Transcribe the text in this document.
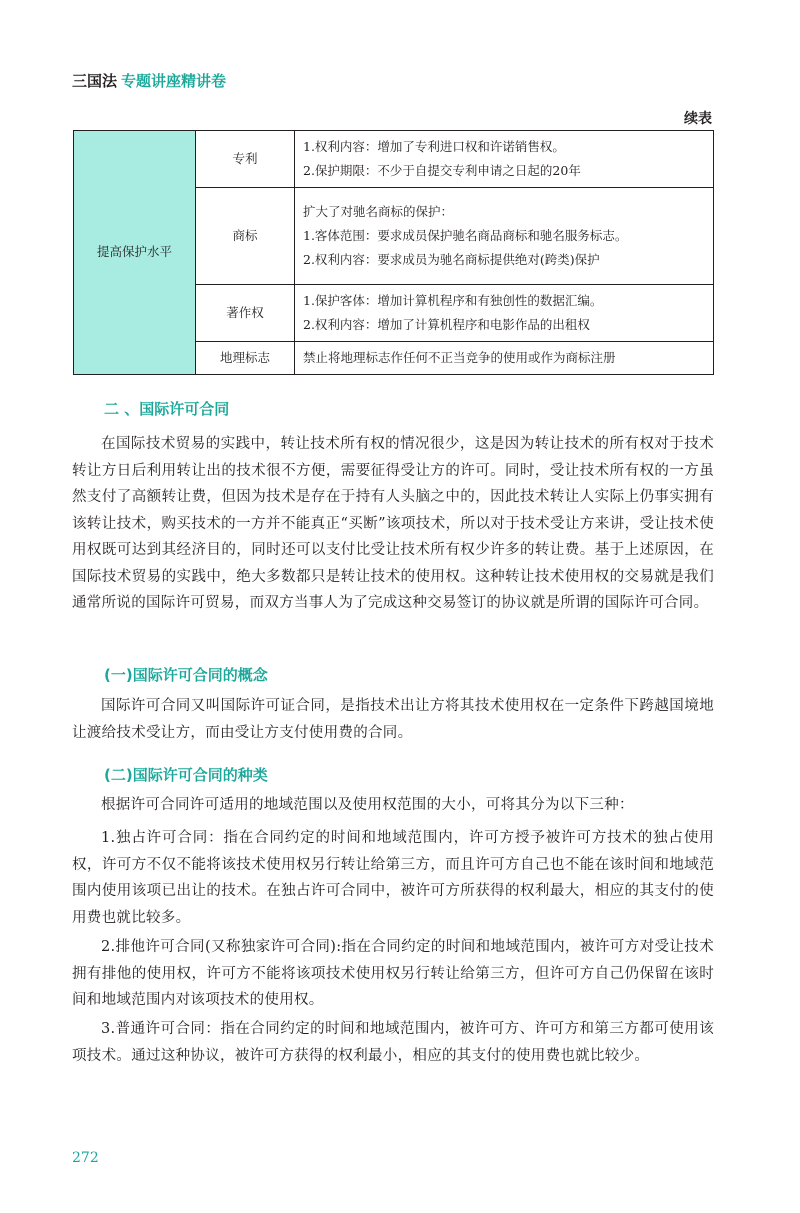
三国法 专题讲座精讲卷
续表
提高保护水平	专利	1.权利内容：增加了专利进口权和许诺销售权。
2.保护期限：不少于自提交专利申请之日起的20年

	商标	扩大了对驰名商标的保护：
1.客体范围：要求成员保护驰名商品商标和驰名服务标志。
2.权利内容：要求成员为驰名商标提供绝对(跨类)保护

	著作权	1.保护客体：增加计算机程序和有独创性的数据汇编。
2.权利内容：增加了计算机程序和电影作品的出租权

	地理标志	禁止将地理标志作任何不正当竞争的使用或作为商标注册
二 、国际许可合同
在国际技术贸易的实践中，转让技术所有权的情况很少，这是因为转让技术的所有权对于技术转让方日后利用转让出的技术很不方便，需要征得受让方的许可。同时，受让技术所有权的一方虽然支付了高额转让费，但因为技术是存在于持有人头脑之中的，因此技术转让人实际上仍事实拥有该转让技术，购买技术的一方并不能真正“买断”该项技术，所以对于技术受让方来讲，受让技术使用权既可达到其经济目的，同时还可以支付比受让技术所有权少许多的转让费。基于上述原因，在国际技术贸易的实践中，绝大多数都只是转让技术的使用权。这种转让技术使用权的交易就是我们通常所说的国际许可贸易，而双方当事人为了完成这种交易签订的协议就是所谓的国际许可合同。
(一)国际许可合同的概念
国际许可合同又叫国际许可证合同，是指技术出让方将其技术使用权在一定条件下跨越国境地让渡给技术受让方，而由受让方支付使用费的合同。
(二)国际许可合同的种类
根据许可合同许可适用的地域范围以及使用权范围的大小，可将其分为以下三种：
1.独占许可合同：指在合同约定的时间和地域范围内，许可方授予被许可方技术的独占使用权，许可方不仅不能将该技术使用权另行转让给第三方，而且许可方自己也不能在该时间和地域范围内使用该项已出让的技术。在独占许可合同中，被许可方所获得的权利最大，相应的其支付的使用费也就比较多。
2.排他许可合同(又称独家许可合同):指在合同约定的时间和地域范围内，被许可方对受让技术拥有排他的使用权，许可方不能将该项技术使用权另行转让给第三方，但许可方自己仍保留在该时间和地域范围内对该项技术的使用权。
3.普通许可合同：指在合同约定的时间和地域范围内，被许可方、许可方和第三方都可使用该项技术。通过这种协议，被许可方获得的权利最小，相应的其支付的使用费也就比较少。
272
